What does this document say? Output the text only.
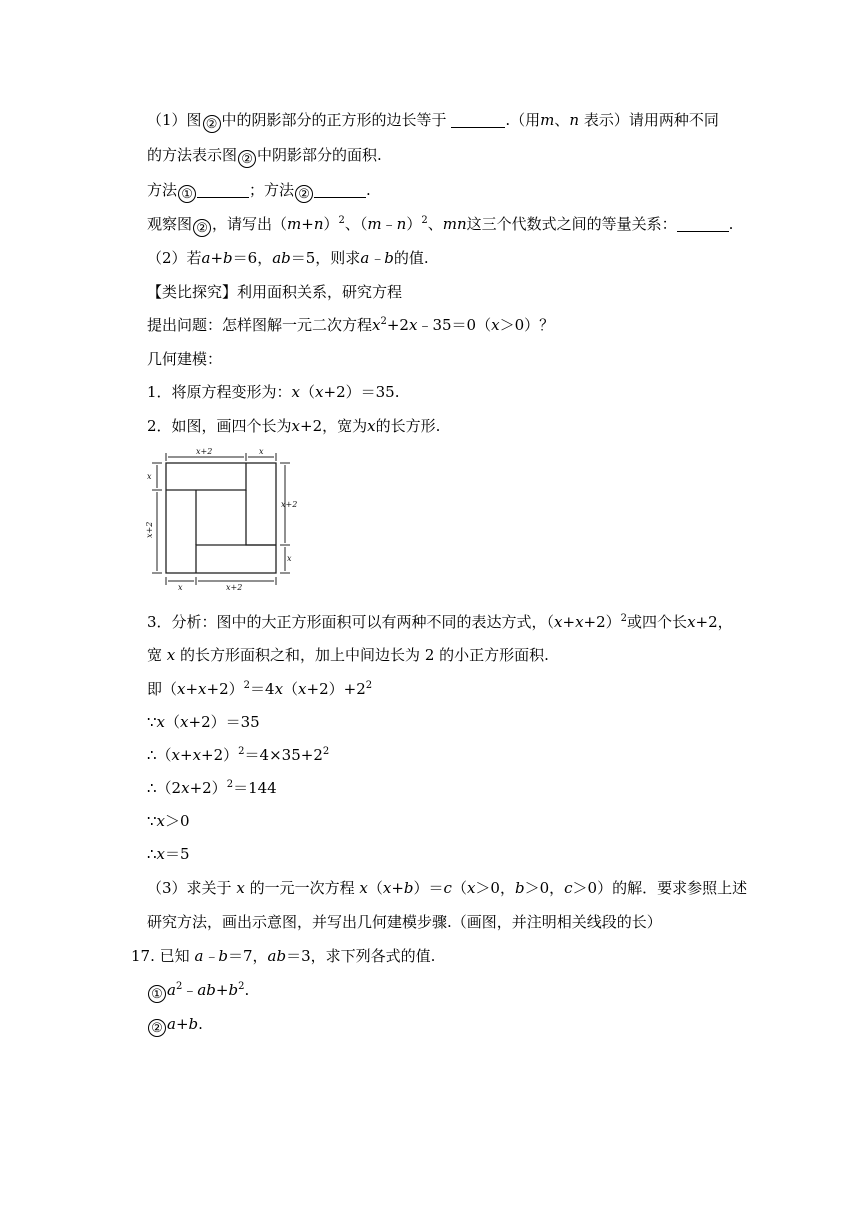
（1）图 ② 中的阴影部分的正方形的边长等于	.（用m、n 表示）请用两种不同
的方法表示图 ② 中阴影部分的面积.
方法 ①	；方法 ②	.
观察图 ② ，请写出$(m+n)^2$、（m﹣n）$^2$、mn这三个代数式之间的等量关系：	.
（2）若a+b＝6，ab＝5，则求a﹣b的值.
【类比探究】利用面积关系，研究方程
提出问题：怎样图解一元二次方程$x^2+2x﹣35=0(x>0)$？
几何建模：
1．将原方程变形为：x（x+2）＝35.
2．如图，画四个长为x+2，宽为x的长方形.
x+2	x
x
x+2
x+2
x
x	x+2
3．分析：图中的大正方形面积可以有两种不同的表达方式，$(x+x+2)^2$或四个长x+2，
宽 x 的长方形面积之和，加上中间边长为 2 的小正方形面积.
即$(x+x+2)^2=4x(x+2)+2^2$
∵x（x+2）＝35
$\therefore(x+x+2)^2=4\times 35+2^2$
$\therefore(2x+2)^2=144$
∵x＞0
∴x＝5
（3）求关于 x 的一元一次方程 x（x+b）＝c（x＞0，b＞0，c＞0）的解．要求参照上述
研究方法，画出示意图，并写出几何建模步骤.（画图，并注明相关线段的长）
17. 已知 a﹣b＝7，ab＝3，求下列各式的值.
① $a^2﹣ab+b^2$.
② a+b.
